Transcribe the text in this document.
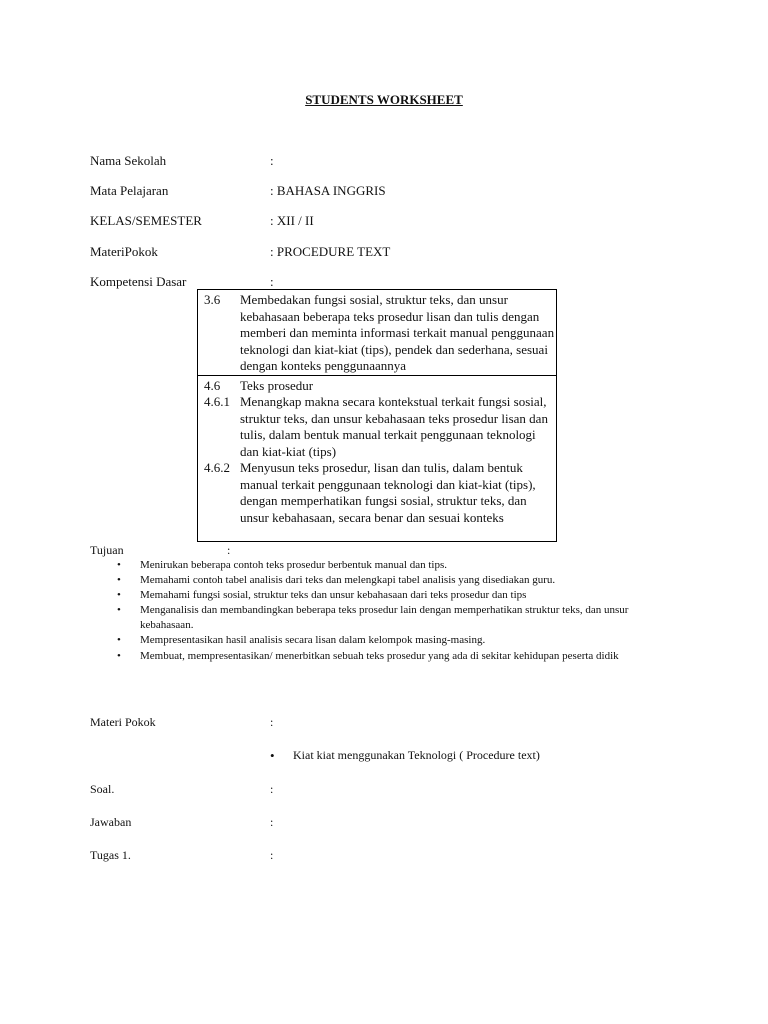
STUDENTS WORKSHEET
Nama Sekolah	:
Mata Pelajaran	: BAHASA INGGRIS
KELAS/SEMESTER	: XII / II
MateriPokok	: PROCEDURE TEXT
Kompetensi Dasar	:
3.6 Membedakan fungsi sosial, struktur teks, dan unsur kebahasaan beberapa teks prosedur lisan dan tulis dengan memberi dan meminta informasi terkait manual penggunaan teknologi dan kiat-kiat (tips), pendek dan sederhana, sesuai dengan konteks penggunaannya
4.6 Teks prosedur
4.6.1 Menangkap makna secara kontekstual terkait fungsi sosial, struktur teks, dan unsur kebahasaan teks prosedur lisan dan tulis, dalam bentuk manual terkait penggunaan teknologi dan kiat-kiat (tips)
4.6.2 Menyusun teks prosedur, lisan dan tulis, dalam bentuk manual terkait penggunaan teknologi dan kiat-kiat (tips), dengan memperhatikan fungsi sosial, struktur teks, dan unsur kebahasaan, secara benar dan sesuai konteks
Tujuan	:
• Menirukan beberapa contoh teks prosedur berbentuk manual dan tips.
• Memahami contoh tabel analisis dari teks dan melengkapi tabel analisis yang disediakan guru.
• Memahami fungsi sosial, struktur teks dan unsur kebahasaan dari teks prosedur dan tips
• Menganalisis dan membandingkan beberapa teks prosedur lain dengan memperhatikan struktur teks, dan unsur kebahasaan.
• Mempresentasikan hasil analisis secara lisan dalam kelompok masing-masing.
• Membuat, mempresentasikan/ menerbitkan sebuah teks prosedur yang ada di sekitar kehidupan peserta didik
Materi Pokok	:
• Kiat kiat menggunakan Teknologi ( Procedure text)
Soal.	:
Jawaban	:
Tugas 1.	:
